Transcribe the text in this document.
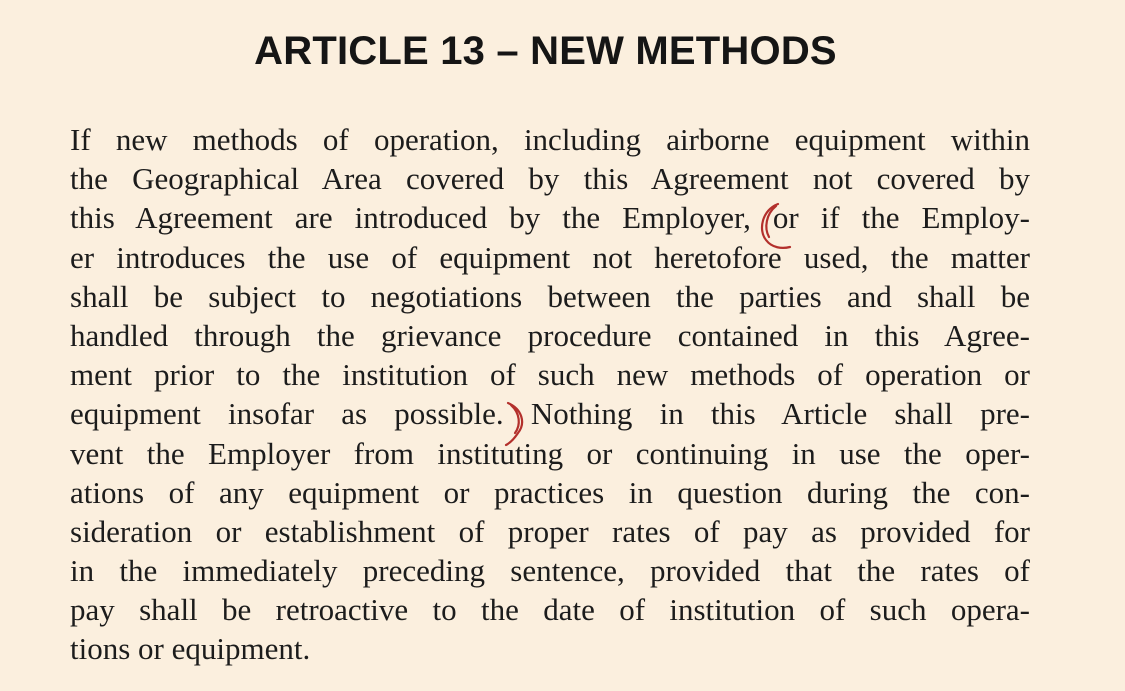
ARTICLE 13 – NEW METHODS
If new methods of operation, including airborne equipment within
the Geographical Area covered by this Agreement not covered by
this Agreement are introduced by the Employer, or if the Employ-
er introduces the use of equipment not heretofore used, the matter
shall be subject to negotiations between the parties and shall be
handled through the grievance procedure contained in this Agree-
ment prior to the institution of such new methods of operation or
equipment insofar as possible. Nothing in this Article shall pre-
vent the Employer from instituting or continuing in use the oper-
ations of any equipment or practices in question during the con-
sideration or establishment of proper rates of pay as provided for
in the immediately preceding sentence, provided that the rates of
pay shall be retroactive to the date of institution of such opera-
tions or equipment.
